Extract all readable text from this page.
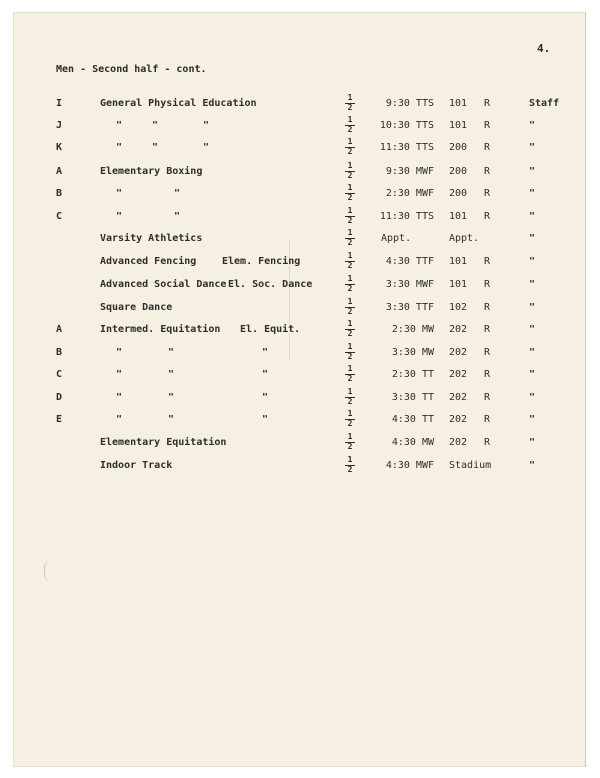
4.
Men - Second half - cont.
I	General Physical Education	$\frac{1}{2}$	9:30 TTS 101 R	Staff
J	"	"	"	$\frac{1}{2}$ 10:30 TTS 101 R	"
K	"	"	"	$\frac{1}{2}$ 11:30 TTS 200 R	"
A	Elementary Boxing	$\frac{1}{2}$	9:30 MWF 200 R	"
B	"	"	$\frac{1}{2}$	2:30 MWF 200 R	"
C	"	"	$\frac{1}{2}$ 11:30 TTS 101 R	"
Varsity Athletics	$\frac{1}{2}$	Appt.	Appt.	"
Advanced Fencing	Elem. Fencing	$\frac{1}{2}$	4:30 TTF 101 R	"
Advanced Social Dance El. Soc. Dance	$\frac{1}{2}$	3:30 MWF 101 R	"
Square Dance	$\frac{1}{2}$	3:30 TTF 102 R	"
A	Intermed. Equitation El. Equit.	$\frac{1}{2}$	2:30 MW 202 R	"
B	"	"	"	$\frac{1}{2}$	3:30 MW 202 R	"
C	"	"	"	$\frac{1}{2}$	2:30 TT 202 R	"
D	"	"	"	$\frac{1}{2}$	3:30 TT 202 R	"
E	"	"	"	$\frac{1}{2}$	4:30 TT 202 R	"
Elementary Equitation	$\frac{1}{2}$	4:30 MW 202 R	"
Indoor Track	$\frac{1}{2}$	4:30 MWF Stadium	"
